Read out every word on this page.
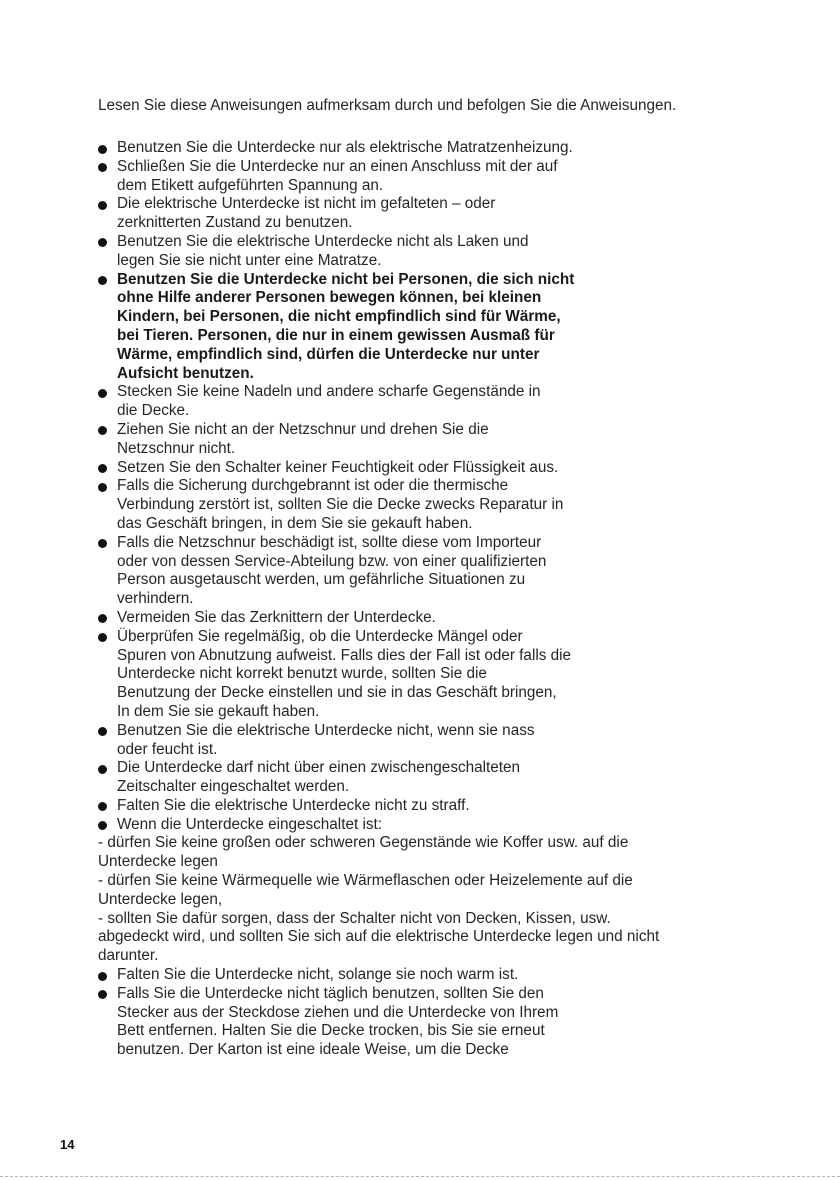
Lesen Sie diese Anweisungen aufmerksam durch und befolgen Sie die Anweisungen.
Benutzen Sie die Unterdecke nur als elektrische Matratzenheizung.
Schließen Sie die Unterdecke nur an einen Anschluss mit der auf
dem Etikett aufgeführten Spannung an.
Die elektrische Unterdecke ist nicht im gefalteten – oder
zerknitterten Zustand zu benutzen.
Benutzen Sie die elektrische Unterdecke nicht als Laken und
legen Sie sie nicht unter eine Matratze.
Benutzen Sie die Unterdecke nicht bei Personen, die sich nicht
ohne Hilfe anderer Personen bewegen können, bei kleinen
Kindern, bei Personen, die nicht empfindlich sind für Wärme,
bei Tieren. Personen, die nur in einem gewissen Ausmaß für
Wärme, empfindlich sind, dürfen die Unterdecke nur unter
Aufsicht benutzen.
Stecken Sie keine Nadeln und andere scharfe Gegenstände in
die Decke.
Ziehen Sie nicht an der Netzschnur und drehen Sie die
Netzschnur nicht.
Setzen Sie den Schalter keiner Feuchtigkeit oder Flüssigkeit aus.
Falls die Sicherung durchgebrannt ist oder die thermische
Verbindung zerstört ist, sollten Sie die Decke zwecks Reparatur in
das Geschäft bringen, in dem Sie sie gekauft haben.
Falls die Netzschnur beschädigt ist, sollte diese vom Importeur
oder von dessen Service-Abteilung bzw. von einer qualifizierten
Person ausgetauscht werden, um gefährliche Situationen zu
verhindern.
Vermeiden Sie das Zerknittern der Unterdecke.
Überprüfen Sie regelmäßig, ob die Unterdecke Mängel oder
Spuren von Abnutzung aufweist. Falls dies der Fall ist oder falls die
Unterdecke nicht korrekt benutzt wurde, sollten Sie die
Benutzung der Decke einstellen und sie in das Geschäft bringen,
In dem Sie sie gekauft haben.
Benutzen Sie die elektrische Unterdecke nicht, wenn sie nass
oder feucht ist.
Die Unterdecke darf nicht über einen zwischengeschalteten
Zeitschalter eingeschaltet werden.
Falten Sie die elektrische Unterdecke nicht zu straff.
Wenn die Unterdecke eingeschaltet ist:
- dürfen Sie keine großen oder schweren Gegenstände wie Koffer usw. auf die
Unterdecke legen
- dürfen Sie keine Wärmequelle wie Wärmeflaschen oder Heizelemente auf die
Unterdecke legen,
- sollten Sie dafür sorgen, dass der Schalter nicht von Decken, Kissen, usw.
abgedeckt wird, und sollten Sie sich auf die elektrische Unterdecke legen und nicht
darunter.
Falten Sie die Unterdecke nicht, solange sie noch warm ist.
Falls Sie die Unterdecke nicht täglich benutzen, sollten Sie den
Stecker aus der Steckdose ziehen und die Unterdecke von Ihrem
Bett entfernen. Halten Sie die Decke trocken, bis Sie sie erneut
benutzen. Der Karton ist eine ideale Weise, um die Decke
14
